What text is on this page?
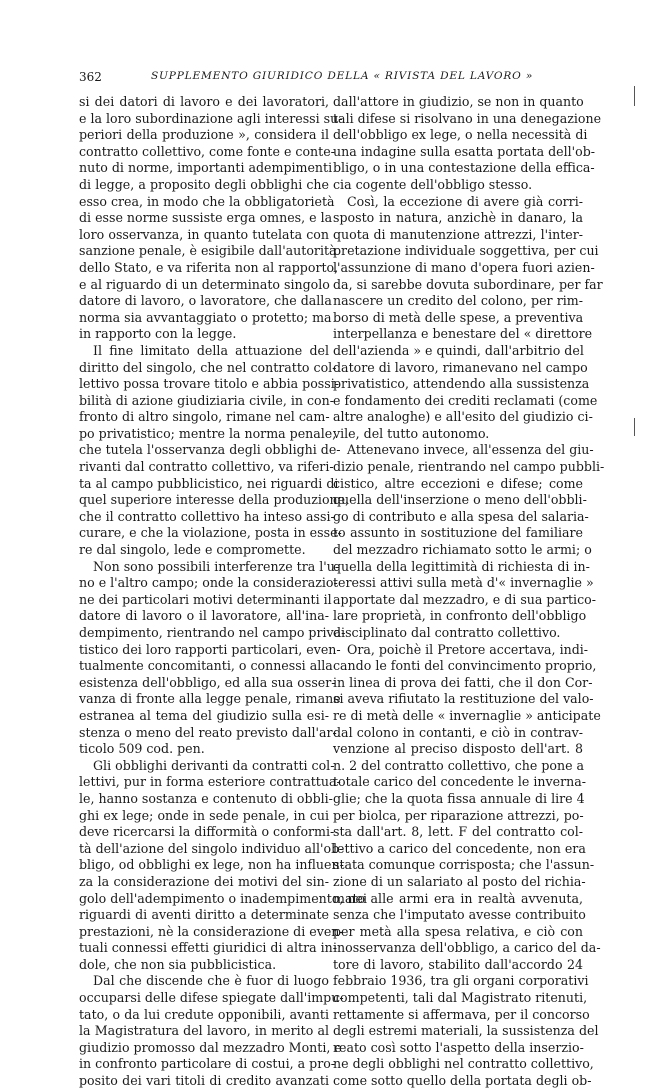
362	SUPPLEMENTO GIURIDICO DELLA « RIVISTA DEL LAVORO »
si dei datori di lavoro e dei lavoratori,
e la loro subordinazione agli interessi su-
periori della produzione », considera il
contratto collettivo, come fonte e conte-
nuto di norme, importanti adempimenti
di legge, a proposito degli obblighi che
esso crea, in modo che la obbligatorietà
di esse norme sussiste erga omnes, e la
loro osservanza, in quanto tutelata con
sanzione penale, è esigibile dall'autorità
dello Stato, e va riferita non al rapporto,
e al riguardo di un determinato singolo
datore di lavoro, o lavoratore, che dalla
norma sia avvantaggiato o protetto; ma
in rapporto con la legge.
Il fine limitato della attuazione del
diritto del singolo, che nel contratto col-
lettivo possa trovare titolo e abbia possi-
bilità di azione giudiziaria civile, in con-
fronto di altro singolo, rimane nel cam-
po privatistico; mentre la norma penale,
che tutela l'osservanza degli obblighi de-
rivanti dal contratto collettivo, va riferi-
ta al campo pubblicistico, nei riguardi di
quel superiore interesse della produzione,
che il contratto collettivo ha inteso assi-
curare, e che la violazione, posta in esse-
re dal singolo, lede e compromette.
Non sono possibili interferenze tra l'u-
no e l'altro campo; onde la considerazio-
ne dei particolari motivi determinanti il
datore di lavoro o il lavoratore, all'ina-
dempimento, rientrando nel campo priva-
tistico dei loro rapporti particolari, even-
tualmente concomitanti, o connessi alla
esistenza dell'obbligo, ed alla sua osser-
vanza di fronte alla legge penale, rimane
estranea al tema del giudizio sulla esi-
stenza o meno del reato previsto dall'ar-
ticolo 509 cod. pen.
Gli obblighi derivanti da contratti col-
lettivi, pur in forma esteriore contrattua-
le, hanno sostanza e contenuto di obbli-
ghi ex lege; onde in sede penale, in cui
deve ricercarsi la difformità o conformi-
tà dell'azione del singolo individuo all'ob-
bligo, od obblighi ex lege, non ha influen-
za la considerazione dei motivi del sin-
golo dell'adempimento o inadempimento, nei
riguardi di aventi diritto a determinate
prestazioni, nè la considerazione di even-
tuali connessi effetti giuridici di altra in-
dole, che non sia pubblicistica.
Dal che discende che è fuor di luogo
occuparsi delle difese spiegate dall'impu-
tato, o da lui credute opponibili, avanti
la Magistratura del lavoro, in merito al
giudizio promosso dal mezzadro Monti, e
in confronto particolare di costui, a pro-
posito dei vari titoli di credito avanzati
dall'attore in giudizio, se non in quanto
tali difese si risolvano in una denegazione
dell'obbligo ex lege, o nella necessità di
una indagine sulla esatta portata dell'ob-
bligo, o in una contestazione della effica-
cia cogente dell'obbligo stesso.
Così, la eccezione di avere già corri-
sposto in natura, anzichè in danaro, la
quota di manutenzione attrezzi, l'inter-
pretazione individuale soggettiva, per cui
l'assunzione di mano d'opera fuori azien-
da, si sarebbe dovuta subordinare, per far
nascere un credito del colono, per rim-
borso di metà delle spese, a preventiva
interpellanza e benestare del « direttore
dell'azienda » e quindi, dall'arbitrio del
datore di lavoro, rimanevano nel campo
privatistico, attendendo alla sussistenza
e fondamento dei crediti reclamati (come
altre analoghe) e all'esito del giudizio ci-
vile, del tutto autonomo.
Attenevano invece, all'essenza del giu-
dizio penale, rientrando nel campo pubbli-
cistico, altre eccezioni e difese; come
quella dell'inserzione o meno dell'obbli-
go di contributo e alla spesa del salaria-
to assunto in sostituzione del familiare
del mezzadro richiamato sotto le armi; o
quella della legittimità di richiesta di in-
teressi attivi sulla metà d'« invernaglie »
apportate dal mezzadro, e di sua partico-
lare proprietà, in confronto dell'obbligo
disciplinato dal contratto collettivo.
Ora, poichè il Pretore accertava, indi-
cando le fonti del convincimento proprio,
in linea di prova dei fatti, che il don Cor-
si aveva rifiutato la restituzione del valo-
re di metà delle « invernaglie » anticipate
dal colono in contanti, e ciò in contrav-
venzione al preciso disposto dell'art. 8
n. 2 del contratto collettivo, che pone a
totale carico del concedente le inverna-
glie; che la quota fissa annuale di lire 4
per biolca, per riparazione attrezzi, po-
sta dall'art. 8, lett. F del contratto col-
lettivo a carico del concedente, non era
stata comunque corrisposta; che l'assun-
zione di un salariato al posto del richia-
mato alle armi era in realtà avvenuta,
senza che l'imputato avesse contribuito
per metà alla spesa relativa, e ciò con
inosservanza dell'obbligo, a carico del da-
tore di lavoro, stabilito dall'accordo 24
febbraio 1936, tra gli organi corporativi
competenti, tali dal Magistrato ritenuti,
rettamente si affermava, per il concorso
degli estremi materiali, la sussistenza del
reato così sotto l'aspetto della inserzio-
ne degli obblighi nel contratto collettivo,
come sotto quello della portata degli ob-
